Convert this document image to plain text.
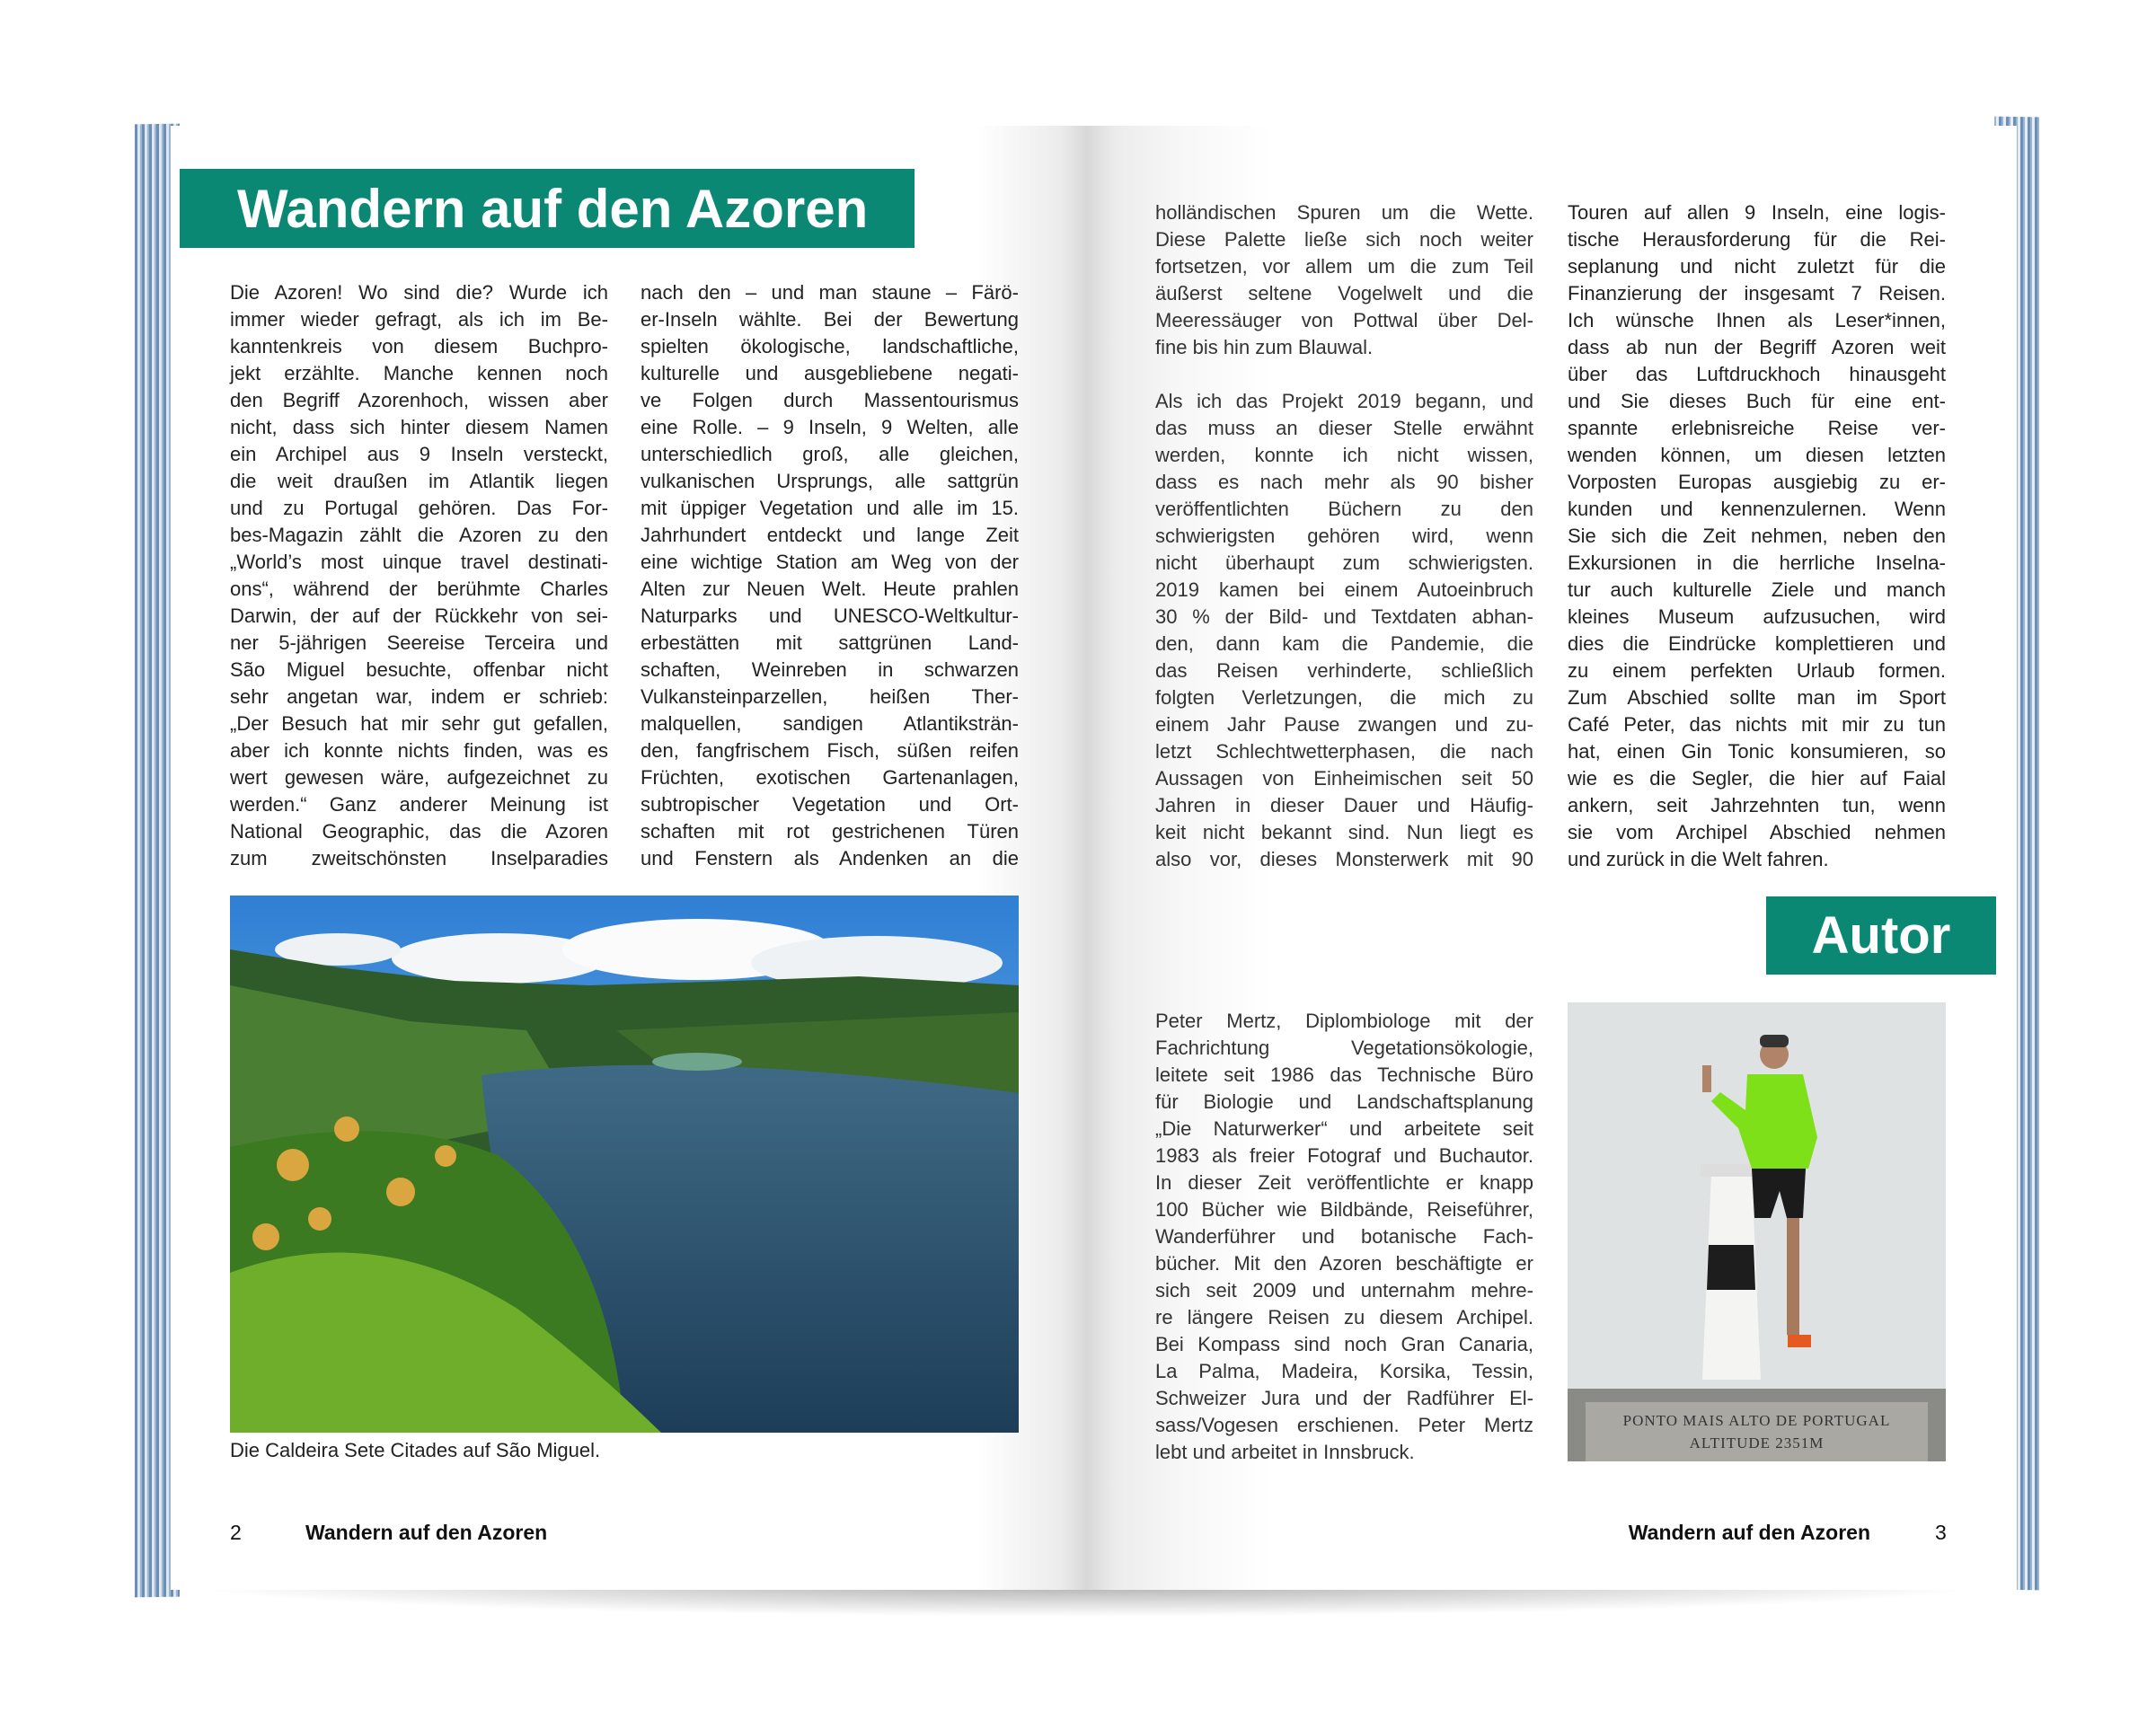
Wandern auf den Azoren
Die Azoren! Wo sind die? Wurde ich
immer wieder gefragt, als ich im Be-
kanntenkreis von diesem Buchpro-
jekt erzählte. Manche kennen noch
den Begriff Azorenhoch, wissen aber
nicht, dass sich hinter diesem Namen
ein Archipel aus 9 Inseln versteckt,
die weit draußen im Atlantik liegen
und zu Portugal gehören. Das For-
bes-Magazin zählt die Azoren zu den
„World’s most uinque travel destinati-
ons“, während der berühmte Charles
Darwin, der auf der Rückkehr von sei-
ner 5-jährigen Seereise Terceira und
São Miguel besuchte, offenbar nicht
sehr angetan war, indem er schrieb:
„Der Besuch hat mir sehr gut gefallen,
aber ich konnte nichts finden, was es
wert gewesen wäre, aufgezeichnet zu
werden.“ Ganz anderer Meinung ist
National Geographic, das die Azoren
zum zweitschönsten Inselparadies
nach den – und man staune – Färö-
er-Inseln wählte. Bei der Bewertung
spielten ökologische, landschaftliche,
kulturelle und ausgebliebene negati-
ve Folgen durch Massentourismus
eine Rolle. – 9 Inseln, 9 Welten, alle
unterschiedlich groß, alle gleichen,
vulkanischen Ursprungs, alle sattgrün
mit üppiger Vegetation und alle im 15.
Jahrhundert entdeckt und lange Zeit
eine wichtige Station am Weg von der
Alten zur Neuen Welt. Heute prahlen
Naturparks und UNESCO-Weltkultur-
erbestätten mit sattgrünen Land-
schaften, Weinreben in schwarzen
Vulkansteinparzellen, heißen Ther-
malquellen, sandigen Atlantiksträn-
den, fangfrischem Fisch, süßen reifen
Früchten, exotischen Gartenanlagen,
subtropischer Vegetation und Ort-
schaften mit rot gestrichenen Türen
und Fenstern als Andenken an die
Die Caldeira Sete Citades auf São Miguel.
2	Wandern auf den Azoren
holländischen Spuren um die Wette.
Diese Palette ließe sich noch weiter
fortsetzen, vor allem um die zum Teil
äußerst seltene Vogelwelt und die
Meeressäuger von Pottwal über Del-
fine bis hin zum Blauwal.
Als ich das Projekt 2019 begann, und
das muss an dieser Stelle erwähnt
werden, konnte ich nicht wissen,
dass es nach mehr als 90 bisher
veröffentlichten Büchern zu den
schwierigsten gehören wird, wenn
nicht überhaupt zum schwierigsten.
2019 kamen bei einem Autoeinbruch
30 % der Bild- und Textdaten abhan-
den, dann kam die Pandemie, die
das Reisen verhinderte, schließlich
folgten Verletzungen, die mich zu
einem Jahr Pause zwangen und zu-
letzt Schlechtwetterphasen, die nach
Aussagen von Einheimischen seit 50
Jahren in dieser Dauer und Häufig-
keit nicht bekannt sind. Nun liegt es
also vor, dieses Monsterwerk mit 90
Touren auf allen 9 Inseln, eine logis-
tische Herausforderung für die Rei-
seplanung und nicht zuletzt für die
Finanzierung der insgesamt 7 Reisen.
Ich wünsche Ihnen als Leser*innen,
dass ab nun der Begriff Azoren weit
über das Luftdruckhoch hinausgeht
und Sie dieses Buch für eine ent-
spannte erlebnisreiche Reise ver-
wenden können, um diesen letzten
Vorposten Europas ausgiebig zu er-
kunden und kennenzulernen. Wenn
Sie sich die Zeit nehmen, neben den
Exkursionen in die herrliche Inselna-
tur auch kulturelle Ziele und manch
kleines Museum aufzusuchen, wird
dies die Eindrücke komplettieren und
zu einem perfekten Urlaub formen.
Zum Abschied sollte man im Sport
Café Peter, das nichts mit mir zu tun
hat, einen Gin Tonic konsumieren, so
wie es die Segler, die hier auf Faial
ankern, seit Jahrzehnten tun, wenn
sie vom Archipel Abschied nehmen
und zurück in die Welt fahren.
Autor
Peter Mertz, Diplombiologe mit der
Fachrichtung Vegetationsökologie,
leitete seit 1986 das Technische Büro
für Biologie und Landschaftsplanung
„Die Naturwerker“ und arbeitete seit
1983 als freier Fotograf und Buchautor.
In dieser Zeit veröffentlichte er knapp
100 Bücher wie Bildbände, Reiseführer,
Wanderführer und botanische Fach-
bücher. Mit den Azoren beschäftigte er
sich seit 2009 und unternahm mehre-
re längere Reisen zu diesem Archipel.
Bei Kompass sind noch Gran Canaria,
La Palma, Madeira, Korsika, Tessin,
Schweizer Jura und der Radführer El-
sass/Vogesen erschienen. Peter Mertz
lebt und arbeitet in Innsbruck.
PONTO MAIS ALTO DE PORTUGAL
ALTITUDE 2351M
Wandern auf den Azoren	3
